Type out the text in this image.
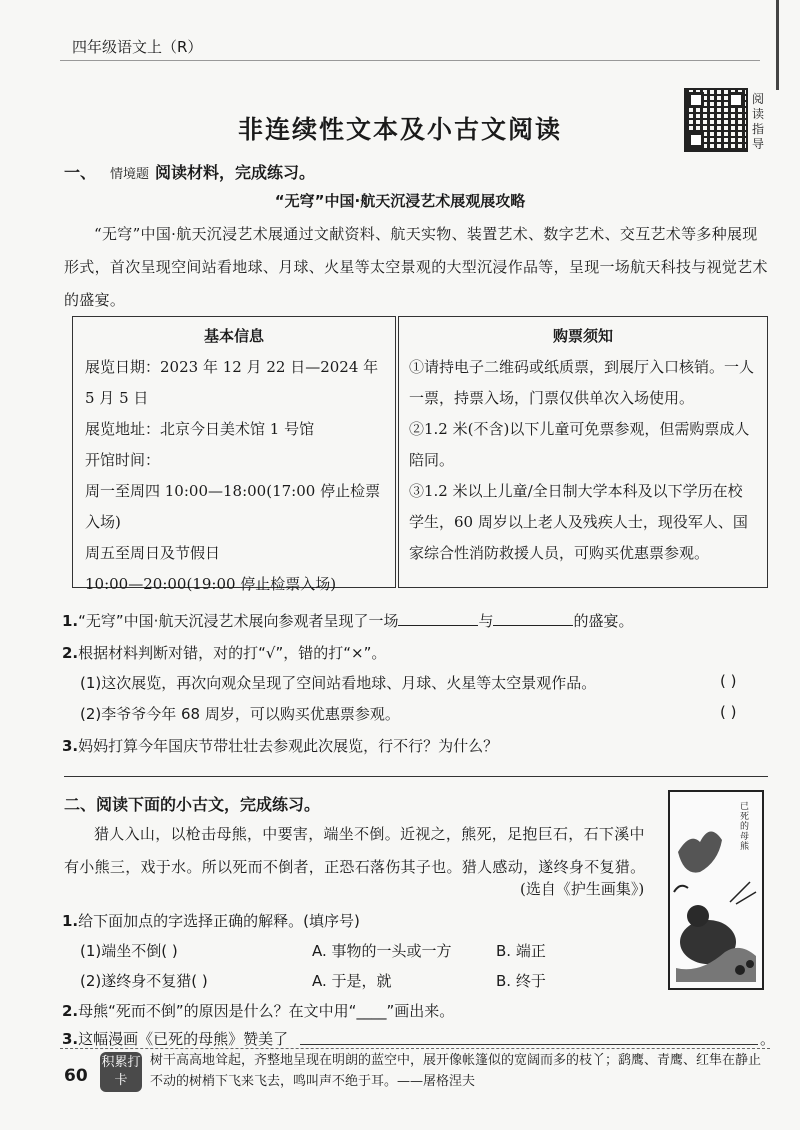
四年级语文上（R）
非连续性文本及小古文阅读
阅读指导
一、 情境题 阅读材料，完成练习。
“无穹”中国·航天沉浸艺术展观展攻略
“无穹”中国·航天沉浸艺术展通过文献资料、航天实物、装置艺术、数字艺术、交互艺术等多种展现形式，首次呈现空间站看地球、月球、火星等太空景观的大型沉浸作品等，呈现一场航天科技与视觉艺术的盛宴。
基本信息

展览日期：2023 年 12 月 22 日—2024 年 5 月 5 日

展览地址：北京今日美术馆 1 号馆

开馆时间：

周一至周四 10:00—18:00(17:00 停止检票入场)

周五至周日及节假日

10:00—20:00(19:00 停止检票入场)

购票须知

①请持电子二维码或纸质票，到展厅入口核销。一人一票，持票入场，门票仅供单次入场使用。

②1.2 米(不含)以下儿童可免票参观，但需购票成人陪同。

③1.2 米以上儿童/全日制大学本科及以下学历在校学生，60 周岁以上老人及残疾人士，现役军人、国家综合性消防救援人员，可购买优惠票参观。

1.“无穹”中国·航天沉浸艺术展向参观者呈现了一场	与	的盛宴。
2.根据材料判断对错，对的打“√”，错的打“×”。
(1)这次展览，再次向观众呈现了空间站看地球、月球、火星等太空景观作品。	( )
(2)李爷爷今年 68 周岁，可以购买优惠票参观。	( )
3.妈妈打算今年国庆节带壮壮去参观此次展览，行不行？为什么？
二、阅读下面的小古文，完成练习。
猎人入山，以枪击母熊，中要害，端坐不倒。近视之，熊死，足抱巨石，石下溪中有小熊三，戏于水。所以死而不倒者，正恐石落伤其子也。猎人感动，遂终身不复猎。
(选自《护生画集》)
已死的母熊
1.给下面加点的字选择正确的解释。(填序号)
(1)端坐不倒( )	A. 事物的一头或一方	B. 端正
(2)遂终身不复猎( )	A. 于是，就	B. 终于
2.母熊“死而不倒”的原因是什么？在文中用“____”画出来。
3.这幅漫画《已死的母熊》赞美了	。
60
积累打卡
树干高高地耸起，齐整地呈现在明朗的蓝空中，展开像帐篷似的宽阔而多的枝丫；鹞鹰、青鹰、红隼在静止不动的树梢下飞来飞去，鸣叫声不绝于耳。——屠格涅夫
